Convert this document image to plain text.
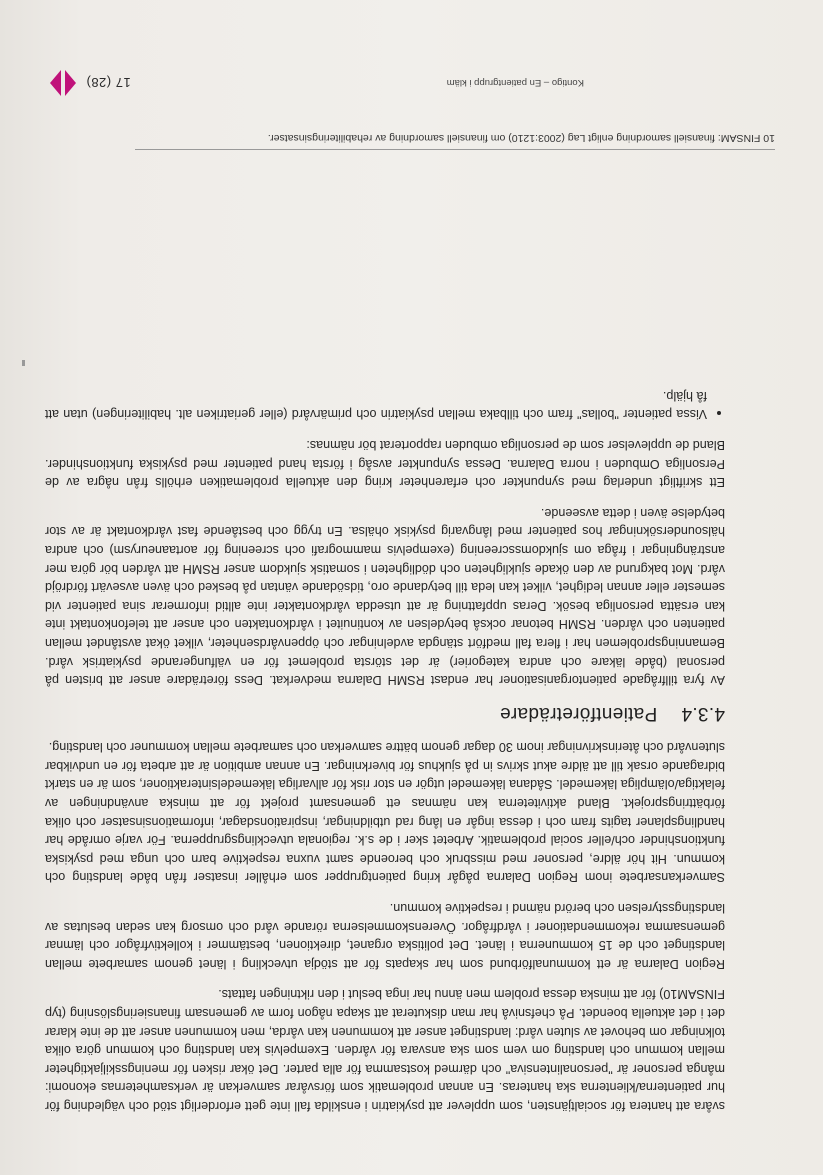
svåra att hantera för socialtjänsten, som upplever att psykiatrin i enskilda fall inte gett erforderligt stöd och vägledning för hur patienterna/klienterna ska hanteras. En annan problematik som försvårar samverkan är verksamheternas ekonomi: många personer är "personalintensiva" och därmed kostsamma för alla parter. Det ökar risken för meningsskiljaktigheter mellan kommun och landsting om vem som ska ansvara för vården. Exempelvis kan landsting och kommun göra olika tolkningar om behovet av sluten vård: landstinget anser att kommunen kan vårda, men kommunen anser att de inte klarar det i det aktuella boendet. På chefsnivå har man diskuterat att skapa någon form av gemensam finansieringslösning (typ FINSAM10) för att minska dessa problem men ännu har inga beslut i den riktningen fattats.

Region Dalarna är ett kommunalförbund som har skapats för att stödja utveckling i länet genom samarbete mellan landstinget och de 15 kommunerna i länet. Det politiska organet, direktionen, bestämmer i kollektivfrågor och lämnar gemensamma rekommendationer i vårdfrågor. Överenskommelserna rörande vård och omsorg kan sedan beslutas av landstingsstyrelsen och berörd nämnd i respektive kommun.

Samverkansarbete inom Region Dalarna pågår kring patientgrupper som erhåller insatser från både landsting och kommun. Hit hör äldre, personer med missbruk och beroende samt vuxna respektive barn och unga med psykiska funktionshinder och/eller social problematik. Arbetet sker i de s.k. regionala utvecklingsgrupperna. För varje område har handlingsplaner tagits fram och i dessa ingår en lång rad utbildningar, inspirationsdagar, informationsinsatser och olika förbättringsprojekt. Bland aktiviteterna kan nämnas ett gemensamt projekt för att minska användningen av felaktiga/olämpliga läkemedel. Sådana läkemedel utgör en stor risk för allvarliga läkemedelsinteraktioner, som är en starkt bidragande orsak till att äldre akut skrivs in på sjukhus för biverkningar. En annan ambition är att arbeta för en undvikbar slutenvård och återinskrivningar inom 30 dagar genom bättre samverkan och samarbete mellan kommuner och landsting.

4.3.4Patientföreträdare

Av fyra tillfrågade patientorganisationer har endast RSMH Dalarna medverkat. Dess företrädare anser att bristen på personal (både läkare och andra kategorier) är det största problemet för en välfungerande psykiatrisk vård. Bemanningsproblemen har i flera fall medfört stängda avdelningar och öppenvårdsenheter, vilket ökat avståndet mellan patienten och vården. RSMH betonar också betydelsen av kontinuitet i vårdkontakten och anser att telefonkontakt inte kan ersätta personliga besök. Deras uppfattning är att utsedda vårdkontakter inte alltid informerar sina patienter vid semester eller annan ledighet, vilket kan leda till betydande oro, tidsödande väntan på besked och även avsevärt fördröjd vård. Mot bakgrund av den ökade sjukligheten och dödligheten i somatisk sjukdom anser RSMH att vården bör göra mer ansträngningar i fråga om sjukdomsscreening (exempelvis mammografi och screening för aortaaneurysm) och andra hälsoundersökningar hos patienter med långvarig psykisk ohälsa. En trygg och bestående fast vårdkontakt är av stor betydelse även i detta avseende.

Ett skriftligt underlag med synpunkter och erfarenheter kring den aktuella problematiken erhölls från några av de Personliga Ombuden i norra Dalarna. Dessa synpunkter avsåg i första hand patienter med psykiska funktionshinder. Bland de upplevelser som de personliga ombuden rapporterat bör nämnas:

• Vissa patienter "bollas" fram och tillbaka mellan psykiatrin och primärvård (eller geriatriken alt. habiliteringen) utan att få hjälp.
10 FINSAM: finansiell samordning enligt Lag (2003:1210) om finansiell samordning av rehabiliteringsinsatser.
Kontigo – En patientgrupp i kläm
17 (28)
